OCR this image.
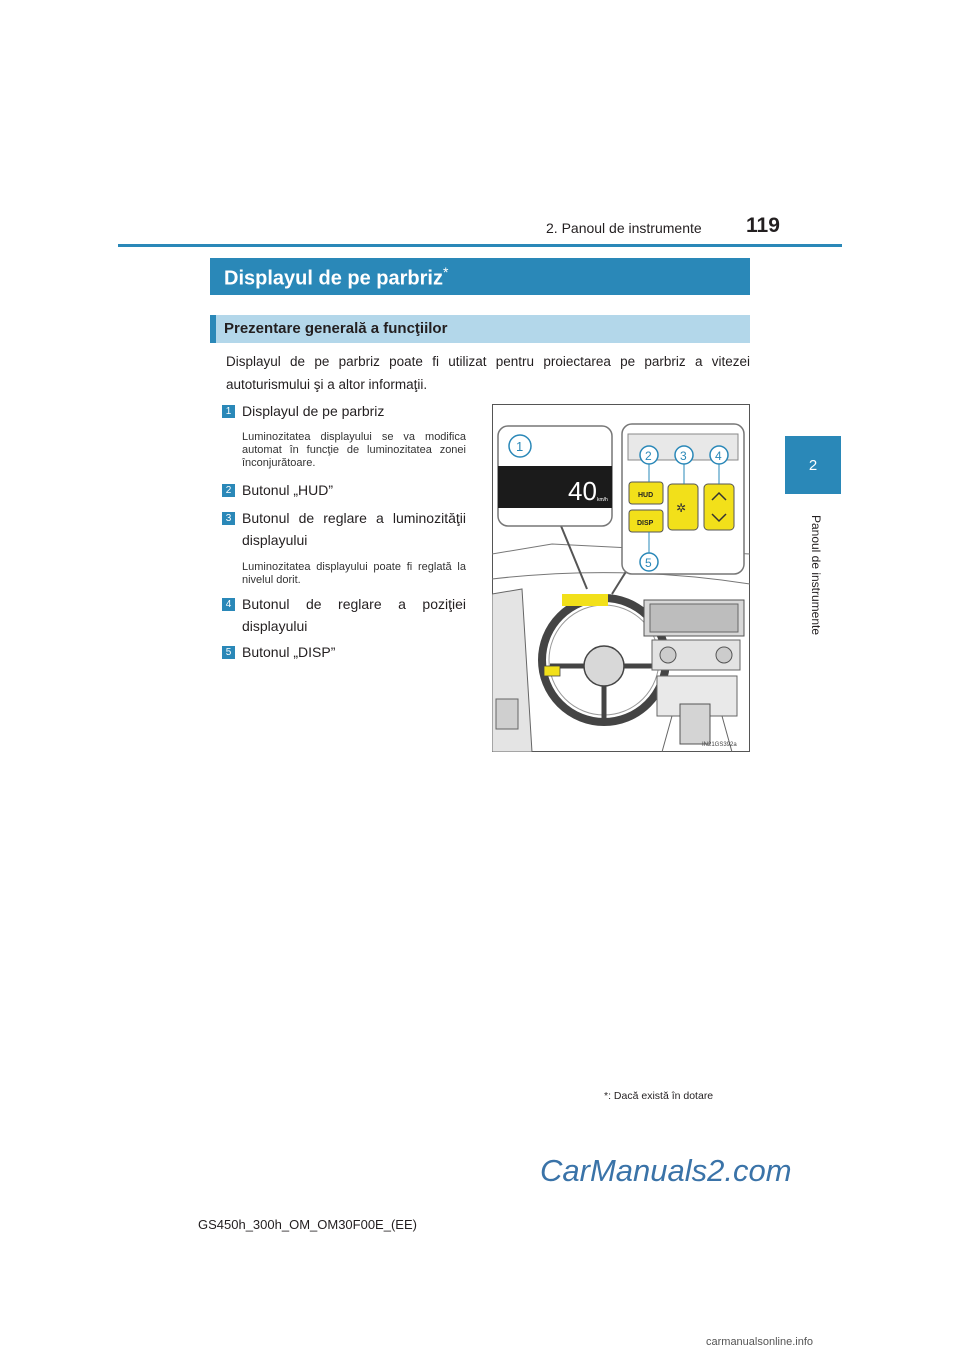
2. Panoul de instrumente 119
2
Panoul de instrumente
Displayul de pe parbriz*
Prezentare generală a funcţiilor
Displayul de pe parbriz poate fi utilizat pentru proiectarea pe parbriz a vitezei autoturismului şi a altor informaţii.
1 Displayul de pe parbriz
Luminozitatea displayului se va modifica automat în funcţie de luminozitatea zonei înconjurătoare.
2 Butonul „HUD”
3 Butonul de reglare a luminozităţii displayului
Luminozitatea displayului poate fi reglată la nivelul dorit.
4 Butonul de reglare a poziţiei displayului
5 Butonul „DISP”
40 km/h
1
HUD
DISP
✲
2 3 4
5
IN21GS392a
*: Dacă există în dotare
CarManuals2.com
GS450h_300h_OM_OM30F00E_(EE)
carmanualsonline.info
